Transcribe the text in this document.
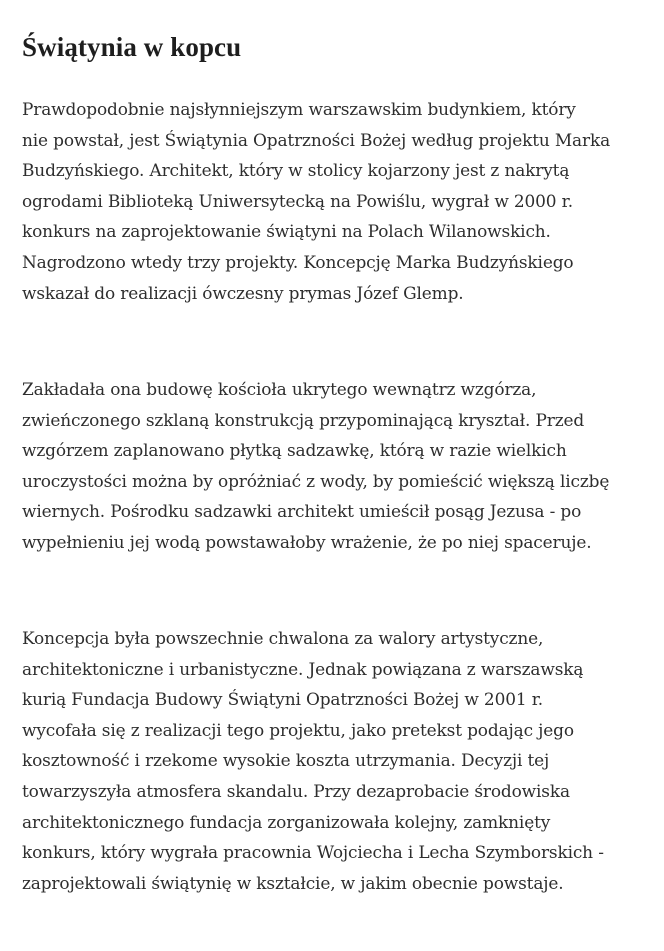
Świątynia w kopcu
Prawdopodobnie najsłynniejszym warszawskim budynkiem, który
nie powstał, jest Świątynia Opatrzności Bożej według projektu Marka
Budzyńskiego. Architekt, który w stolicy kojarzony jest z nakrytą
ogrodami Biblioteką Uniwersytecką na Powiślu, wygrał w 2000 r.
konkurs na zaprojektowanie świątyni na Polach Wilanowskich.
Nagrodzono wtedy trzy projekty. Koncepcję Marka Budzyńskiego
wskazał do realizacji ówczesny prymas Józef Glemp.
Zakładała ona budowę kościoła ukrytego wewnątrz wzgórza,
zwieńczonego szklaną konstrukcją przypominającą kryształ. Przed
wzgórzem zaplanowano płytką sadzawkę, którą w razie wielkich
uroczystości można by opróżniać z wody, by pomieścić większą liczbę
wiernych. Pośrodku sadzawki architekt umieścił posąg Jezusa - po
wypełnieniu jej wodą powstawałoby wrażenie, że po niej spaceruje.
Koncepcja była powszechnie chwalona za walory artystyczne,
architektoniczne i urbanistyczne. Jednak powiązana z warszawską
kurią Fundacja Budowy Świątyni Opatrzności Bożej w 2001 r.
wycofała się z realizacji tego projektu, jako pretekst podając jego
kosztowność i rzekome wysokie koszta utrzymania. Decyzji tej
towarzyszyła atmosfera skandalu. Przy dezaprobacie środowiska
architektonicznego fundacja zorganizowała kolejny, zamknięty
konkurs, który wygrała pracownia Wojciecha i Lecha Szymborskich -
zaprojektowali świątynię w kształcie, w jakim obecnie powstaje.
